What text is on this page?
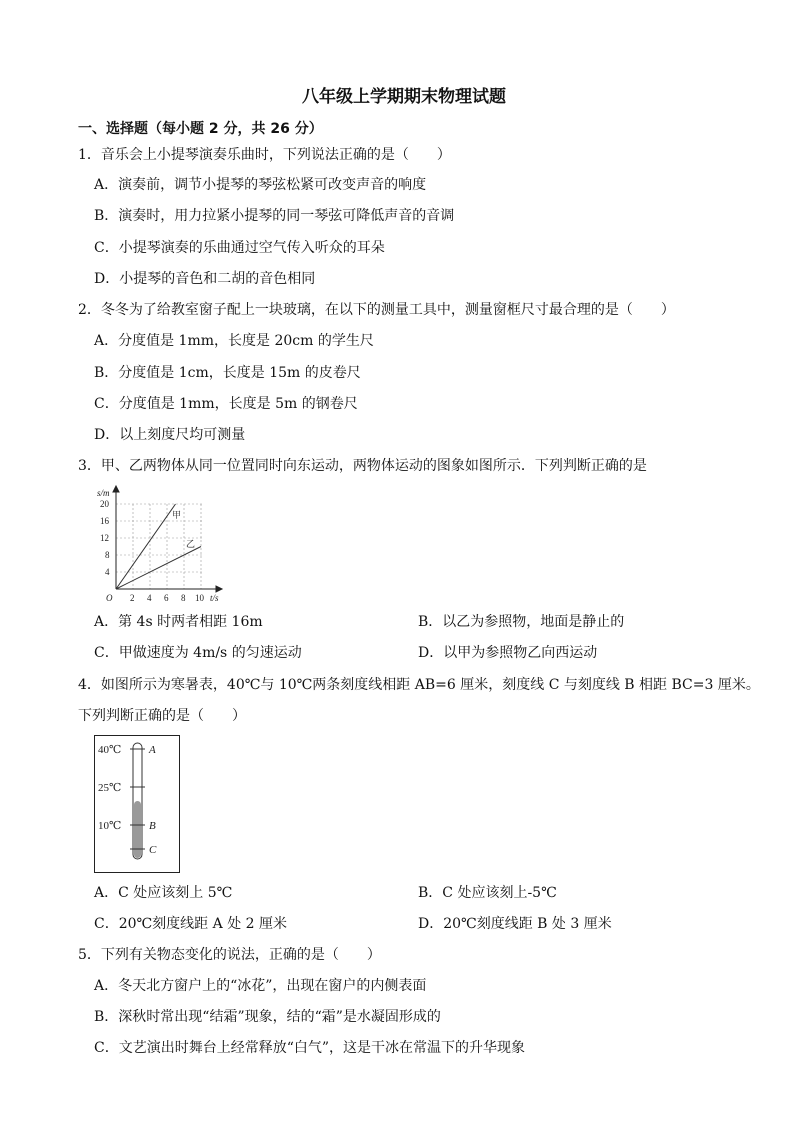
八年级上学期期末物理试题
一、选择题（每小题 2 分，共 26 分）
1．音乐会上小提琴演奏乐曲时，下列说法正确的是（　　）
A．演奏前，调节小提琴的琴弦松紧可改变声音的响度
B．演奏时，用力拉紧小提琴的同一琴弦可降低声音的音调
C．小提琴演奏的乐曲通过空气传入听众的耳朵
D．小提琴的音色和二胡的音色相同
2．冬冬为了给教室窗子配上一块玻璃，在以下的测量工具中，测量窗框尺寸最合理的是（　　）
A．分度值是 1mm，长度是 20cm 的学生尺
B．分度值是 1cm，长度是 15m 的皮卷尺
C．分度值是 1mm，长度是 5m 的钢卷尺
D．以上刻度尺均可测量
3．甲、乙两物体从同一位置同时向东运动，两物体运动的图象如图所示．下列判断正确的是
s/m
20
16
12
8
4
O 2 4 6 8 10 t/s
甲
乙
A．第 4s 时两者相距 16m	B．以乙为参照物，地面是静止的
C．甲做速度为 4m/s 的匀速运动	D．以甲为参照物乙向西运动
4．如图所示为寒暑表，40℃与 10℃两条刻度线相距 AB=6 厘米，刻度线 C 与刻度线 B 相距 BC=3 厘米。
下列判断正确的是（　　）
40℃
25℃
10℃
A
B
C
A．C 处应该刻上 5℃	B．C 处应该刻上-5℃
C．20℃刻度线距 A 处 2 厘米	D．20℃刻度线距 B 处 3 厘米
5．下列有关物态变化的说法，正确的是（　　）
A．冬天北方窗户上的“冰花”，出现在窗户的内侧表面
B．深秋时常出现“结霜”现象，结的“霜”是水凝固形成的
C．文艺演出时舞台上经常释放“白气”，这是干冰在常温下的升华现象
